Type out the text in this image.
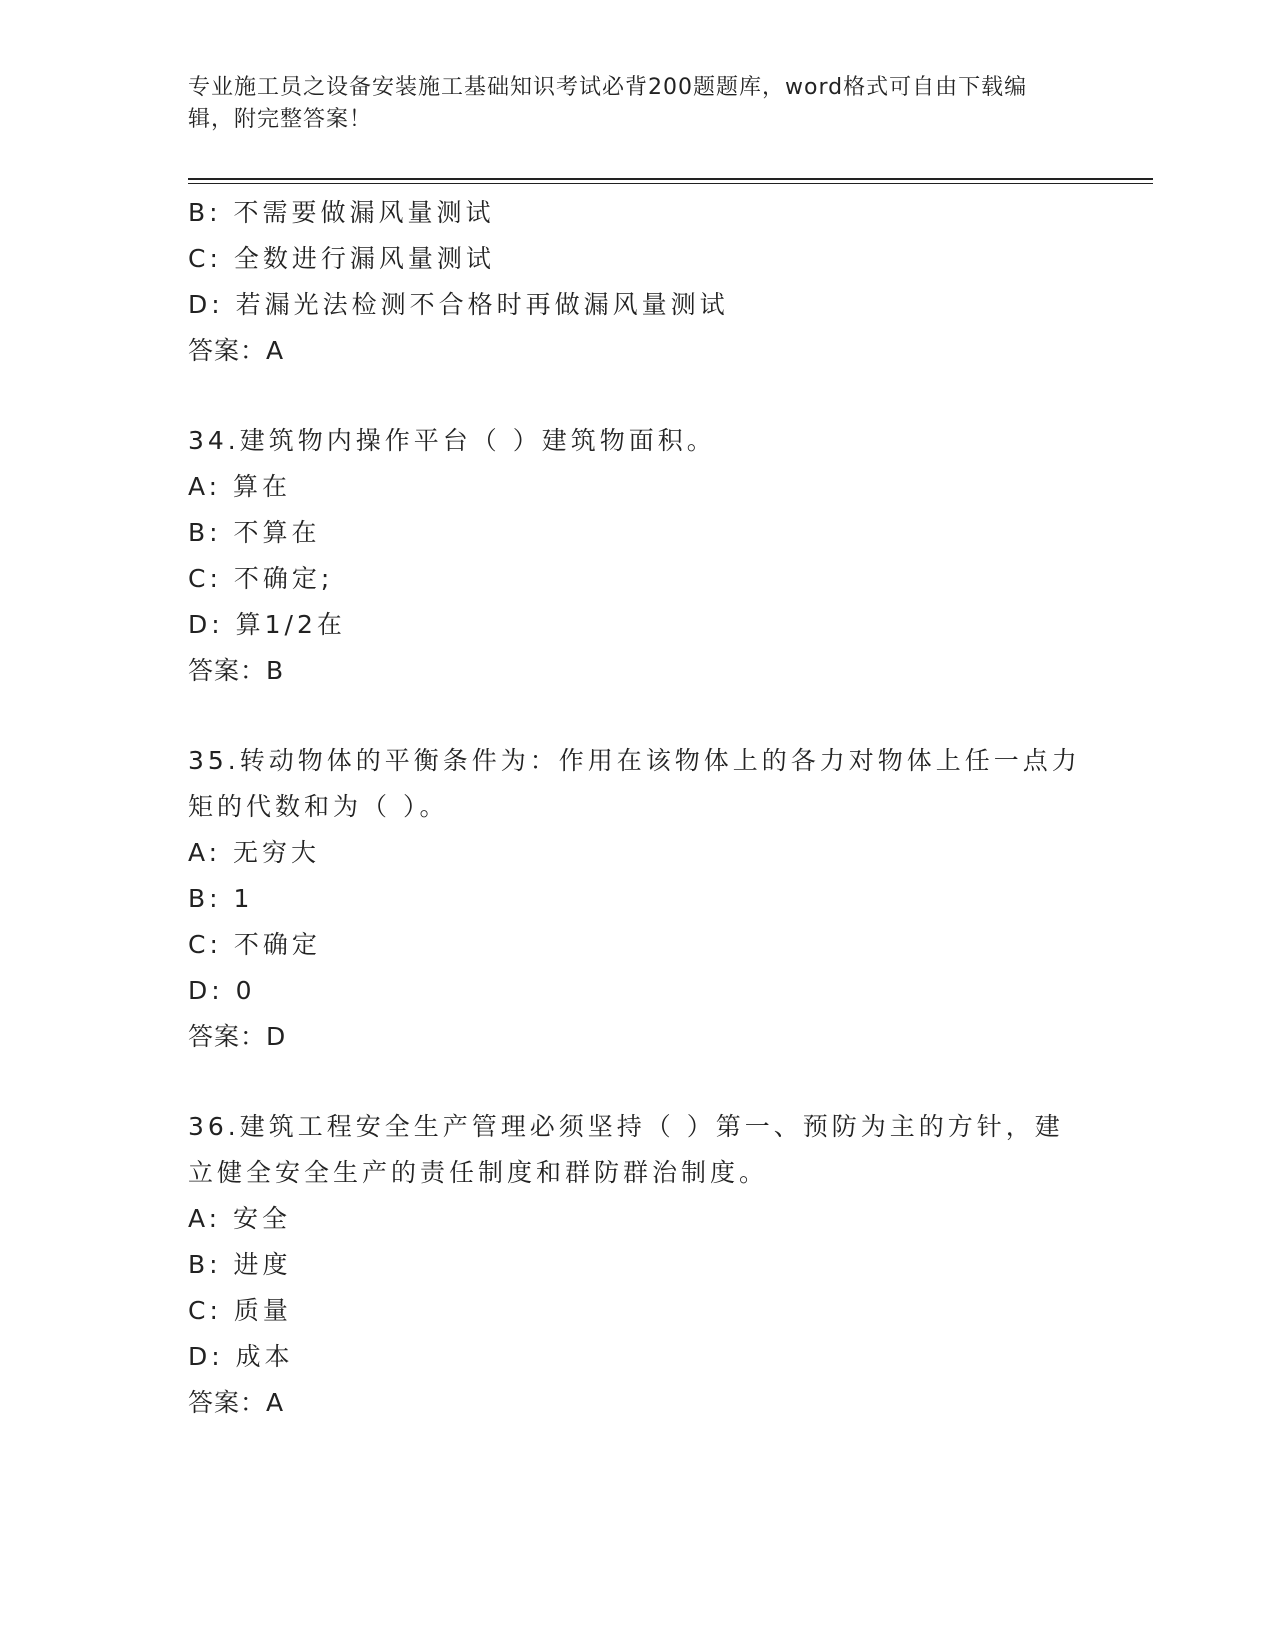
专业施工员之设备安装施工基础知识考试必背200题题库，word格式可自由下载编辑，附完整答案！
B: 不需要做漏风量测试
C: 全数进行漏风量测试
D: 若漏光法检测不合格时再做漏风量测试
答案：A
34.建筑物内操作平台（ ）建筑物面积。
A: 算在
B: 不算在
C: 不确定;
D: 算1/2在
答案：B
35.转动物体的平衡条件为：作用在该物体上的各力对物体上任一点力矩的代数和为（ ）。
A: 无穷大
B: 1
C: 不确定
D: 0
答案：D
36.建筑工程安全生产管理必须坚持（ ）第一、预防为主的方针，建立健全安全生产的责任制度和群防群治制度。
A: 安全
B: 进度
C: 质量
D: 成本
答案：A
